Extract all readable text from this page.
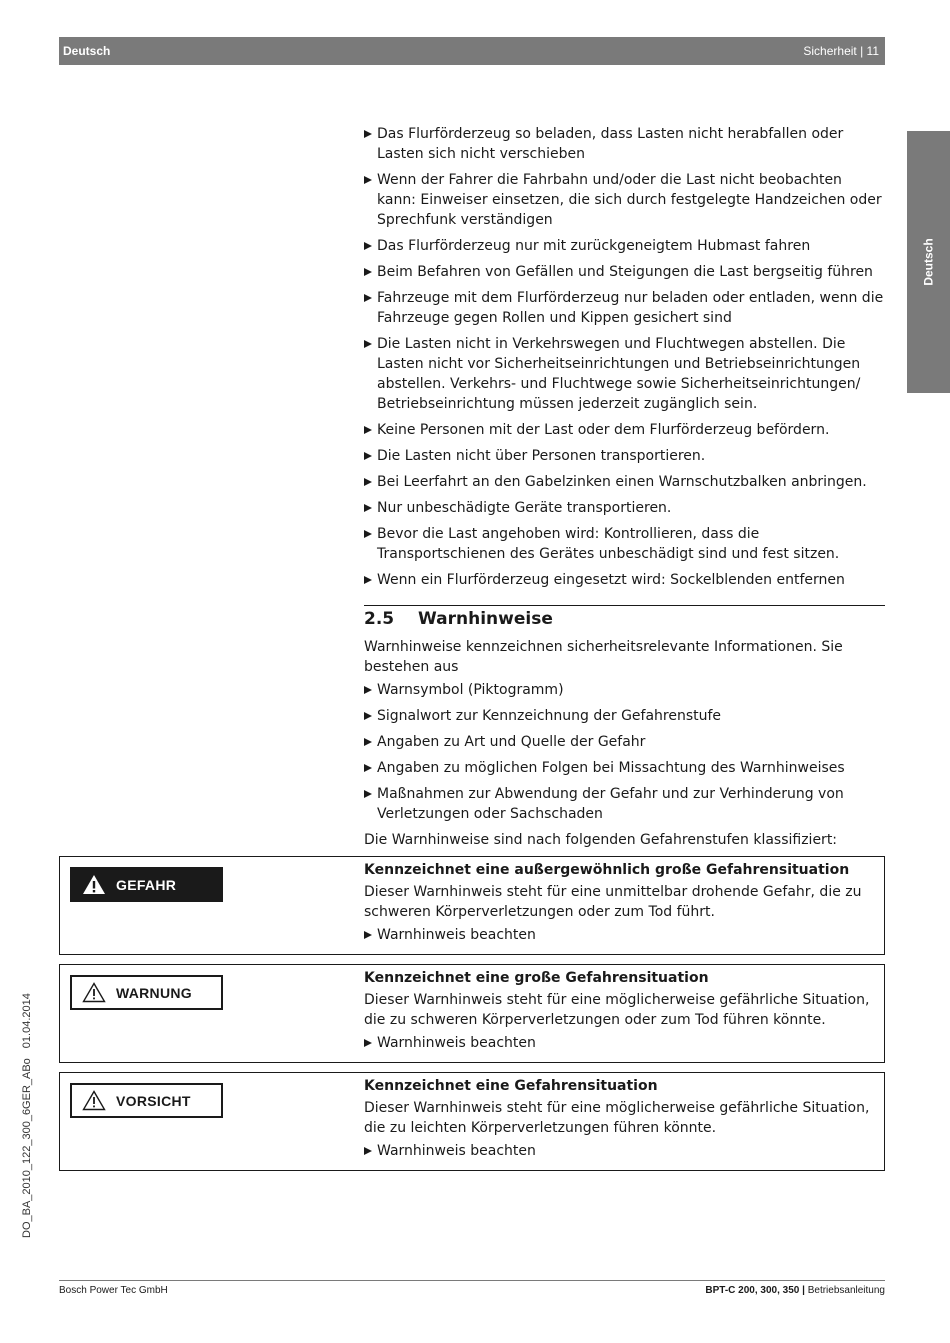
Deutsch	Sicherheit | 11
Deutsch
DO_BA_2010_122_300_6GER_ABo01.04.2014
Das Flurförderzeug so beladen, dass Lasten nicht herabfallen oder Lasten sich nicht verschieben
Wenn der Fahrer die Fahrbahn und/oder die Last nicht beobachten kann: Einweiser einsetzen, die sich durch festgelegte Handzeichen oder Sprechfunk verständigen
Das Flurförderzeug nur mit zurückgeneigtem Hubmast fahren
Beim Befahren von Gefällen und Steigungen die Last bergseitig führen
Fahrzeuge mit dem Flurförderzeug nur beladen oder entladen, wenn die Fahrzeuge gegen Rollen und Kippen gesichert sind
Die Lasten nicht in Verkehrswegen und Fluchtwegen abstellen. Die Lasten nicht vor Sicherheitseinrichtungen und Betriebseinrichtungen abstellen. Verkehrs- und Fluchtwege sowie Sicherheitseinrichtungen/ Betriebseinrichtung müssen jederzeit zugänglich sein.
Keine Personen mit der Last oder dem Flurförderzeug befördern.
Die Lasten nicht über Personen transportieren.
Bei Leerfahrt an den Gabelzinken einen Warnschutzbalken anbringen.
Nur unbeschädigte Geräte transportieren.
Bevor die Last angehoben wird: Kontrollieren, dass die Transportschienen des Gerätes unbeschädigt sind und fest sitzen.
Wenn ein Flurförderzeug eingesetzt wird: Sockelblenden entfernen
2.5 Warnhinweise
Warnhinweise kennzeichnen sicherheitsrelevante Informationen. Sie bestehen aus
Warnsymbol (Piktogramm)
Signalwort zur Kennzeichnung der Gefahrenstufe
Angaben zu Art und Quelle der Gefahr
Angaben zu möglichen Folgen bei Missachtung des Warnhinweises
Maßnahmen zur Abwendung der Gefahr und zur Verhinderung von Verletzungen oder Sachschaden
Die Warnhinweise sind nach folgenden Gefahrenstufen klassifiziert:
GEFAHR
Kennzeichnet eine außergewöhnlich große Gefahrensituation
Dieser Warnhinweis steht für eine unmittelbar drohende Gefahr, die zu schweren Körperverletzungen oder zum Tod führt.
Warnhinweis beachten
WARNUNG
Kennzeichnet eine große Gefahrensituation
Dieser Warnhinweis steht für eine möglicherweise gefährliche Situation, die zu schweren Körperverletzungen oder zum Tod führen könnte.
Warnhinweis beachten
VORSICHT
Kennzeichnet eine Gefahrensituation
Dieser Warnhinweis steht für eine möglicherweise gefährliche Situation, die zu leichten Körperverletzungen führen könnte.
Warnhinweis beachten
Bosch Power Tec GmbH	BPT-C 200, 300, 350 | Betriebsanleitung
